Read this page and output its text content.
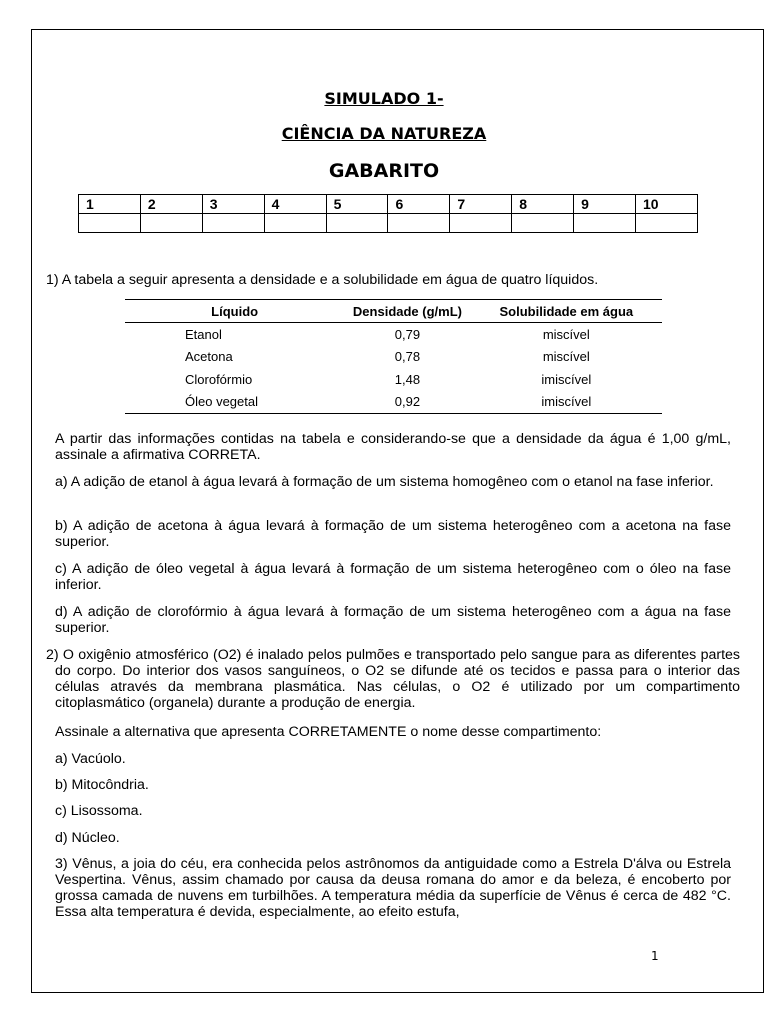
SIMULADO 1-
CIÊNCIA DA NATUREZA
GABARITO
1	2	3	4	5	6	7	8	9	10

1) A tabela a seguir apresenta a densidade e a solubilidade em água de quatro líquidos.
Líquido	Densidade (g/mL)	Solubilidade em água
Etanol	0,79	miscível
Acetona	0,78	miscível
Clorofórmio	1,48	imiscível
Óleo vegetal	0,92	imiscível
A partir das informações contidas na tabela e considerando-se que a densidade da água é 1,00 g/mL, assinale a afirmativa CORRETA.
a) A adição de etanol à água levará à formação de um sistema homogêneo com o etanol na fase inferior.
b) A adição de acetona à água levará à formação de um sistema heterogêneo com a acetona na fase superior.
c) A adição de óleo vegetal à água levará à formação de um sistema heterogêneo com o óleo na fase inferior.
d) A adição de clorofórmio à água levará à formação de um sistema heterogêneo com a água na fase superior.
2) O oxigênio atmosférico (O2) é inalado pelos pulmões e transportado pelo sangue para as diferentes partes do corpo. Do interior dos vasos sanguíneos, o O2 se difunde até os tecidos e passa para o interior das células através da membrana plasmática. Nas células, o O2 é utilizado por um compartimento citoplasmático (organela) durante a produção de energia.
Assinale a alternativa que apresenta CORRETAMENTE o nome desse compartimento:
a) Vacúolo.
b) Mitocôndria.
c) Lisossoma.
d) Núcleo.
3) Vênus, a joia do céu, era conhecida pelos astrônomos da antiguidade como a Estrela D'álva ou Estrela Vespertina. Vênus, assim chamado por causa da deusa romana do amor e da beleza, é encoberto por grossa camada de nuvens em turbilhões. A temperatura média da superfície de Vênus é cerca de 482 °C. Essa alta temperatura é devida, especialmente, ao efeito estufa,
1
